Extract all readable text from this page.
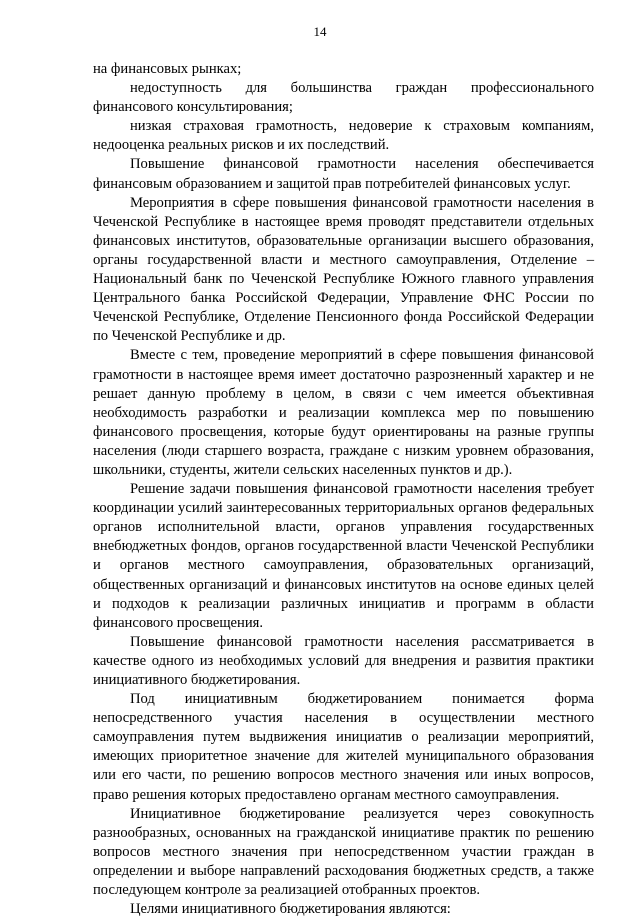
14

на финансовых рынках;

недоступность для большинства граждан профессионального финансового консультирования;

низкая страховая грамотность, недоверие к страховым компаниям, недооценка реальных рисков и их последствий.

Повышение финансовой грамотности населения обеспечивается финансовым образованием и защитой прав потребителей финансовых услуг.

Мероприятия в сфере повышения финансовой грамотности населения в Чеченской Республике в настоящее время проводят представители отдельных финансовых институтов, образовательные организации высшего образования, органы государственной власти и местного самоуправления, Отделение – Национальный банк по Чеченской Республике Южного главного управления Центрального банка Российской Федерации, Управление ФНС России по Чеченской Республике, Отделение Пенсионного фонда Российской Федерации по Чеченской Республике и др.

Вместе с тем, проведение мероприятий в сфере повышения финансовой грамотности в настоящее время имеет достаточно разрозненный характер и не решает данную проблему в целом, в связи с чем имеется объективная необходимость разработки и реализации комплекса мер по повышению финансового просвещения, которые будут ориентированы на разные группы населения (люди старшего возраста, граждане с низким уровнем образования, школьники, студенты, жители сельских населенных пунктов и др.).

Решение задачи повышения финансовой грамотности населения требует координации усилий заинтересованных территориальных органов федеральных органов исполнительной власти, органов управления государственных внебюджетных фондов, органов государственной власти Чеченской Республики и органов местного самоуправления, образовательных организаций, общественных организаций и финансовых институтов на основе единых целей и подходов к реализации различных инициатив и программ в области финансового просвещения.

Повышение финансовой грамотности населения рассматривается в качестве одного из необходимых условий для внедрения и развития практики инициативного бюджетирования.

Под инициативным бюджетированием понимается форма непосредственного участия населения в осуществлении местного самоуправления путем выдвижения инициатив о реализации мероприятий, имеющих приоритетное значение для жителей муниципального образования или его части, по решению вопросов местного значения или иных вопросов, право решения которых предоставлено органам местного самоуправления.

Инициативное бюджетирование реализуется через совокупность разнообразных, основанных на гражданской инициативе практик по решению вопросов местного значения при непосредственном участии граждан в определении и выборе направлений расходования бюджетных средств, а также последующем контроле за реализацией отобранных проектов.

Целями инициативного бюджетирования являются:
